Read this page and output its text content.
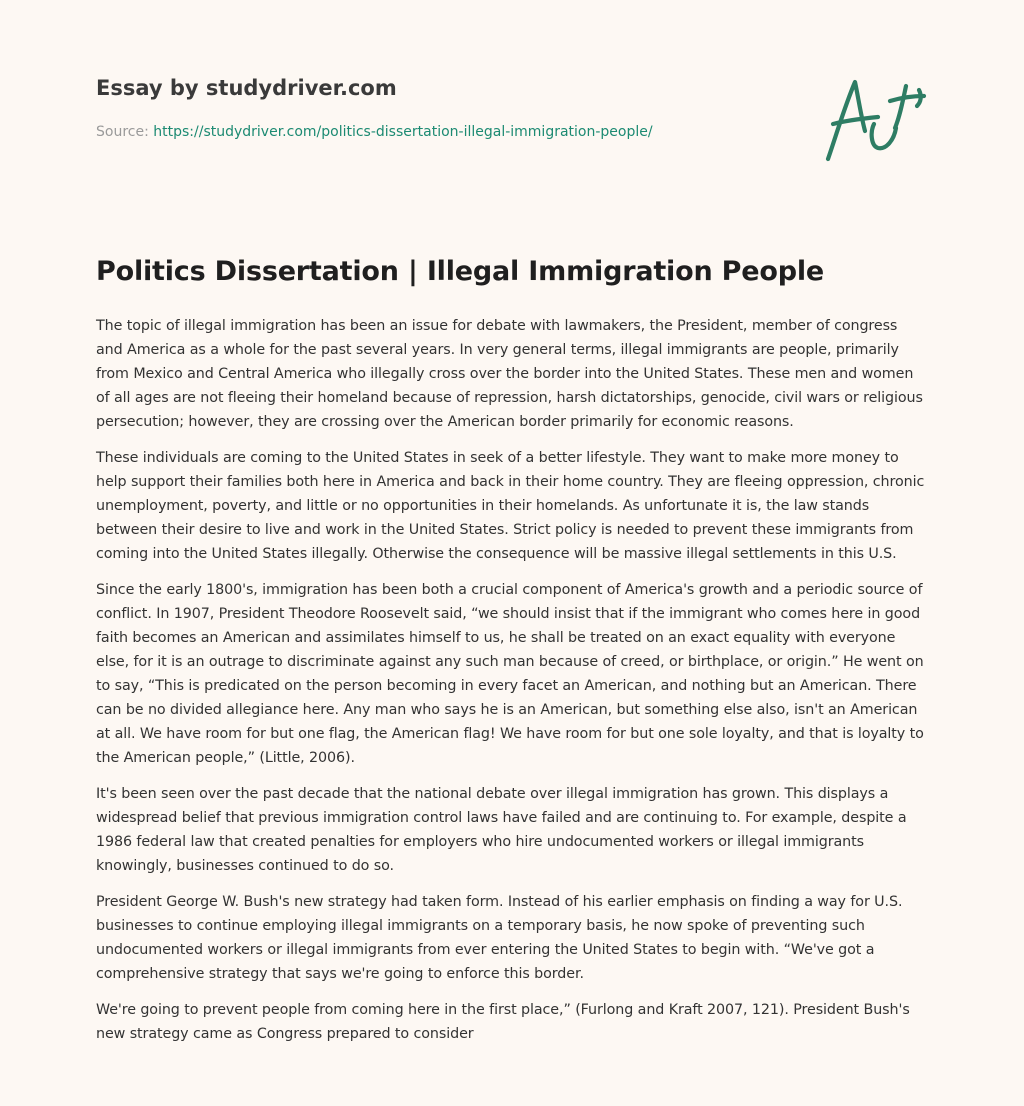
Essay by studydriver.com
Source: https://studydriver.com/politics-dissertation-illegal-immigration-people/
Politics Dissertation | Illegal Immigration People

The topic of illegal immigration has been an issue for debate with lawmakers, the President, member of congress and America as a whole for the past several years. In very general terms, illegal immigrants are people, primarily from Mexico and Central America who illegally cross over the border into the United States. These men and women of all ages are not fleeing their homeland because of repression, harsh dictatorships, genocide, civil wars or religious persecution; however, they are crossing over the American border primarily for economic reasons.

These individuals are coming to the United States in seek of a better lifestyle. They want to make more money to help support their families both here in America and back in their home country. They are fleeing oppression, chronic unemployment, poverty, and little or no opportunities in their homelands. As unfortunate it is, the law stands between their desire to live and work in the United States. Strict policy is needed to prevent these immigrants from coming into the United States illegally. Otherwise the consequence will be massive illegal settlements in this U.S.

Since the early 1800's, immigration has been both a crucial component of America's growth and a periodic source of conflict. In 1907, President Theodore Roosevelt said, “we should insist that if the immigrant who comes here in good faith becomes an American and assimilates himself to us, he shall be treated on an exact equality with everyone else, for it is an outrage to discriminate against any such man because of creed, or birthplace, or origin.” He went on to say, “This is predicated on the person becoming in every facet an American, and nothing but an American. There can be no divided allegiance here. Any man who says he is an American, but something else also, isn't an American at all. We have room for but one flag, the American flag! We have room for but one sole loyalty, and that is loyalty to the American people,” (Little, 2006).

It's been seen over the past decade that the national debate over illegal immigration has grown. This displays a widespread belief that previous immigration control laws have failed and are continuing to. For example, despite a 1986 federal law that created penalties for employers who hire undocumented workers or illegal immigrants knowingly, businesses continued to do so.

President George W. Bush's new strategy had taken form. Instead of his earlier emphasis on finding a way for U.S. businesses to continue employing illegal immigrants on a temporary basis, he now spoke of preventing such undocumented workers or illegal immigrants from ever entering the United States to begin with. “We've got a comprehensive strategy that says we're going to enforce this border.

We're going to prevent people from coming here in the first place,” (Furlong and Kraft 2007, 121). President Bush's new strategy came as Congress prepared to consider
